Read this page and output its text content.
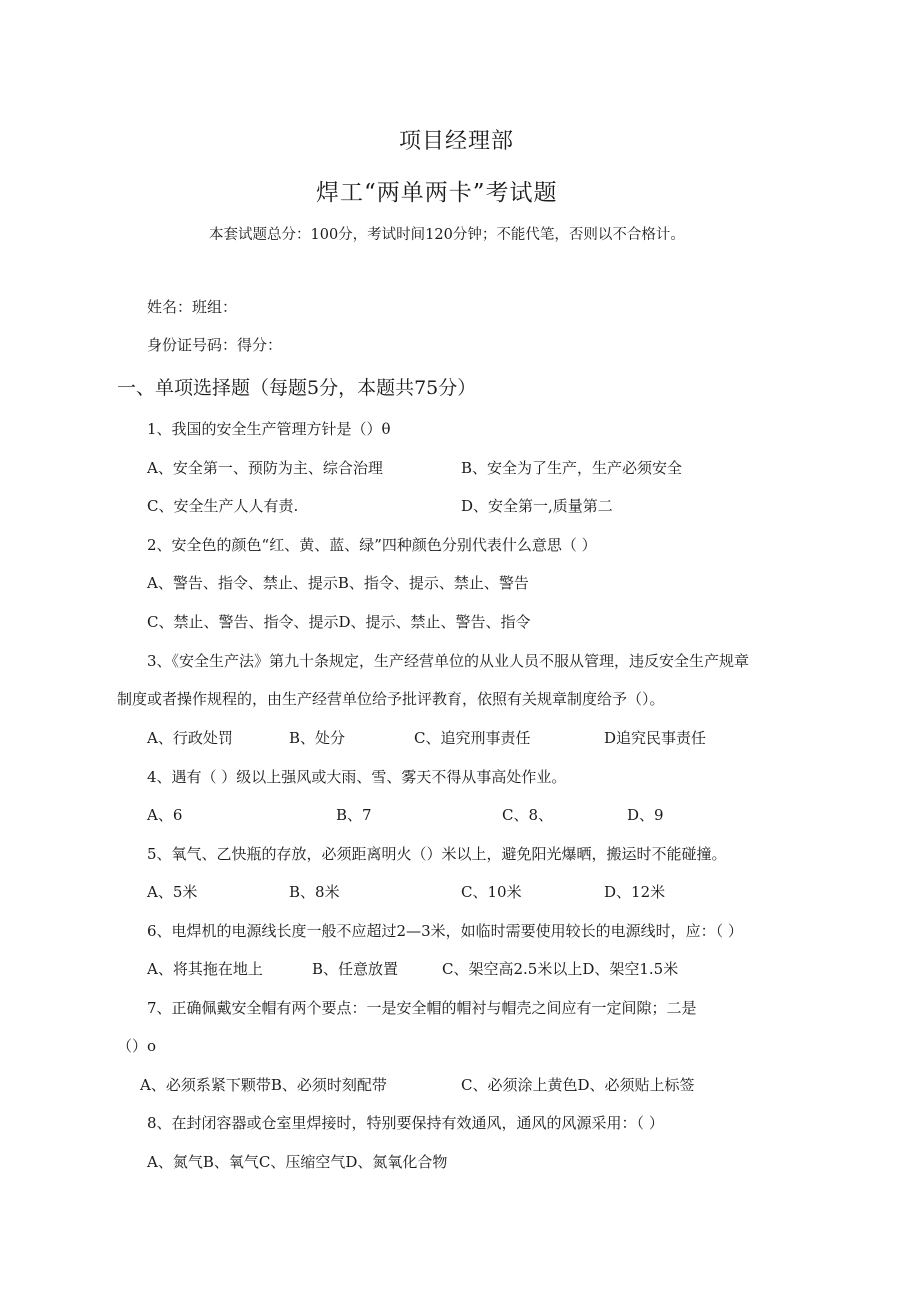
项目经理部
焊工“两单两卡”考试题
本套试题总分：100分，考试时间120分钟；不能代笔，否则以不合格计。
姓名：班组：
身份证号码：得分：
一、单项选择题（每题5分，本题共75分）
1、我国的安全生产管理方针是（）θ
A、安全第一、预防为主、综合治理	B、安全为了生产，生产必须安全
C、安全生产人人有责.	D、安全第一,质量第二
2、安全色的颜色“红、黄、蓝、绿”四种颜色分别代表什么意思（ ）
A、警告、指令、禁止、提示B、指令、提示、禁止、警告
C、禁止、警告、指令、提示D、提示、禁止、警告、指令
3、《安全生产法》第九十条规定，生产经营单位的从业人员不服从管理，违反安全生产规章
制度或者操作规程的，由生产经营单位给予批评教育，依照有关规章制度给予（）。
A、行政处罚	B、处分	C、追究刑事责任	D追究民事责任
4、遇有（ ）级以上强风或大雨、雪、雾天不得从事高处作业。
A、6	B、7	C、8、	D、9
5、氧气、乙快瓶的存放，必须距离明火（）米以上，避免阳光爆晒，搬运时不能碰撞。
A、5米	B、8米	C、10米	D、12米
6、电焊机的电源线长度一般不应超过2—3米，如临时需要使用较长的电源线时，应：（ ）
A、将其拖在地上	B、任意放置	C、架空高2.5米以上D、架空1.5米
7、正确佩戴安全帽有两个要点：一是安全帽的帽衬与帽壳之间应有一定间隙；二是
（）o
A、必须系紧下颗带B、必须时刻配带	C、必须涂上黄色D、必须贴上标签
8、在封闭容器或仓室里焊接时，特别要保持有效通风，通风的风源采用：（ ）
A、氮气B、氧气C、压缩空气D、氮氧化合物
